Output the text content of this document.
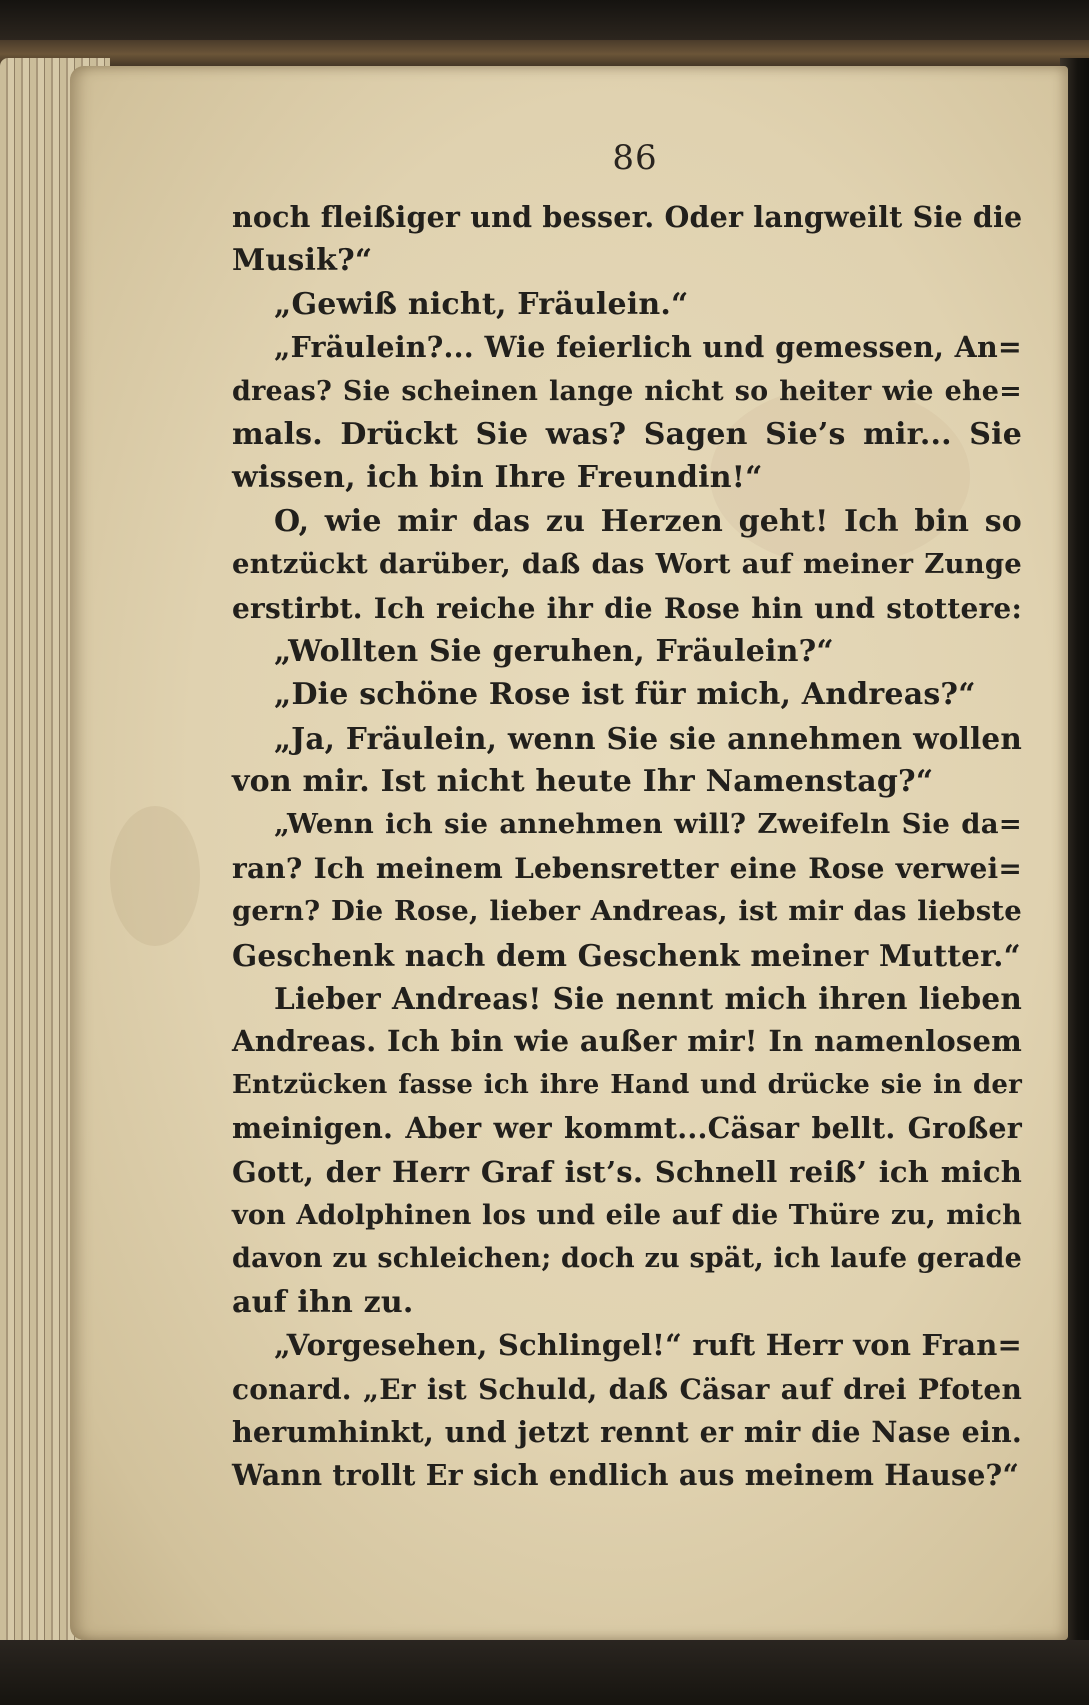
86
noch fleißiger und besser. Oder langweilt Sie die
Musik?“
„Gewiß nicht, Fräulein.“
„Fräulein?... Wie feierlich und gemessen, An=
dreas? Sie scheinen lange nicht so heiter wie ehe=
mals. Drückt Sie was? Sagen Sie’s mir... Sie
wissen, ich bin Ihre Freundin!“
O, wie mir das zu Herzen geht! Ich bin so
entzückt darüber, daß das Wort auf meiner Zunge
erstirbt. Ich reiche ihr die Rose hin und stottere:
„Wollten Sie geruhen, Fräulein?“
„Die schöne Rose ist für mich, Andreas?“
„Ja, Fräulein, wenn Sie sie annehmen wollen
von mir. Ist nicht heute Ihr Namenstag?“
„Wenn ich sie annehmen will? Zweifeln Sie da=
ran? Ich meinem Lebensretter eine Rose verwei=
gern? Die Rose, lieber Andreas, ist mir das liebste
Geschenk nach dem Geschenk meiner Mutter.“
Lieber Andreas! Sie nennt mich ihren lieben
Andreas. Ich bin wie außer mir! In namenlosem
Entzücken fasse ich ihre Hand und drücke sie in der
meinigen. Aber wer kommt...Cäsar bellt. Großer
Gott, der Herr Graf ist’s. Schnell reiß’ ich mich
von Adolphinen los und eile auf die Thüre zu, mich
davon zu schleichen; doch zu spät, ich laufe gerade
auf ihn zu.
„Vorgesehen, Schlingel!“ ruft Herr von Fran=
conard. „Er ist Schuld, daß Cäsar auf drei Pfoten
herumhinkt, und jetzt rennt er mir die Nase ein.
Wann trollt Er sich endlich aus meinem Hause?“
